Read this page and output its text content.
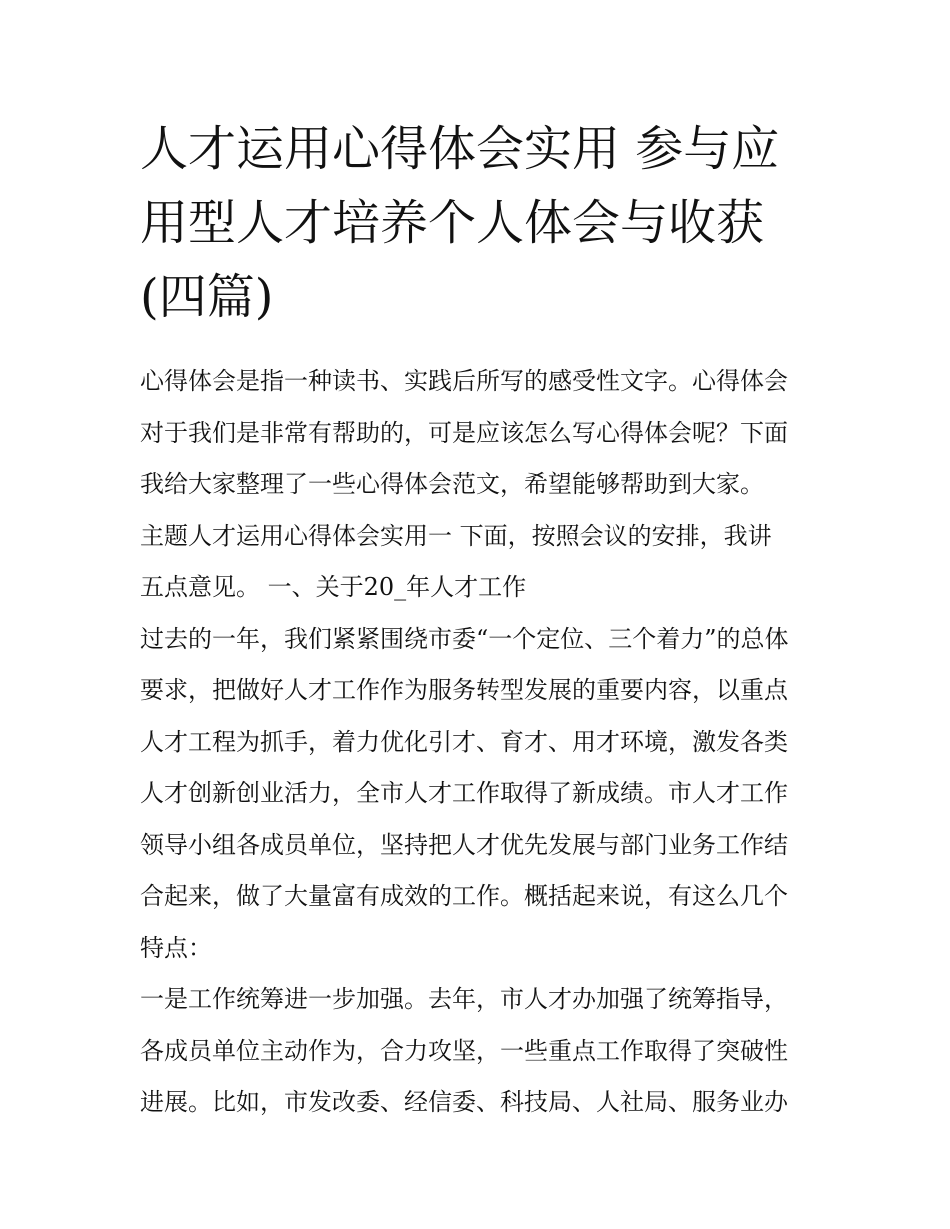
人才运用心得体会实用 参与应
用型人才培养个人体会与收获
(四篇)
心得体会是指一种读书、实践后所写的感受性文字。心得体会
对于我们是非常有帮助的，可是应该怎么写心得体会呢？下面
我给大家整理了一些心得体会范文，希望能够帮助到大家。
主题人才运用心得体会实用一 下面，按照会议的安排，我讲
五点意见。 一、关于20_年人才工作
过去的一年，我们紧紧围绕市委“一个定位、三个着力”的总体
要求，把做好人才工作作为服务转型发展的重要内容，以重点
人才工程为抓手，着力优化引才、育才、用才环境，激发各类
人才创新创业活力，全市人才工作取得了新成绩。市人才工作
领导小组各成员单位，坚持把人才优先发展与部门业务工作结
合起来，做了大量富有成效的工作。概括起来说，有这么几个
特点：
一是工作统筹进一步加强。去年，市人才办加强了统筹指导，
各成员单位主动作为，合力攻坚，一些重点工作取得了突破性
进展。比如，市发改委、经信委、科技局、人社局、服务业办
